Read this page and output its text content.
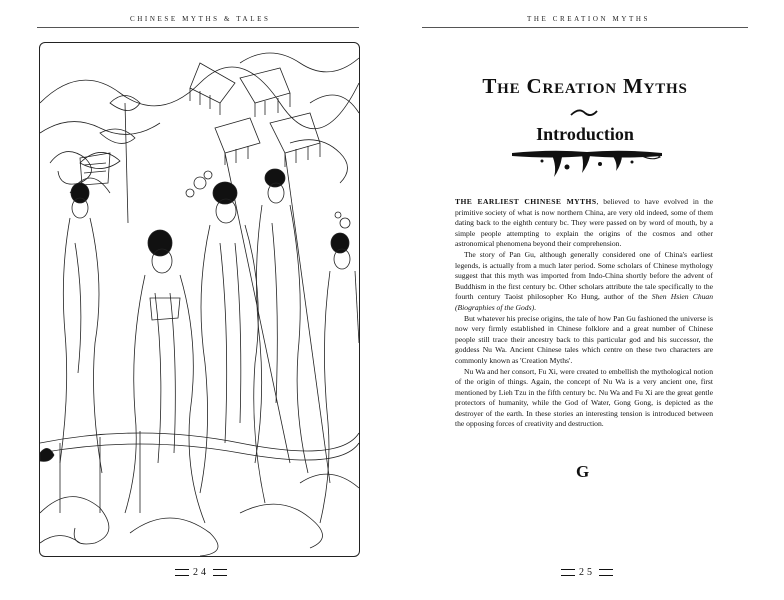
CHINESE MYTHS & TALES
24
THE CREATION MYTHS
The Creation Myths
Introduction

THE EARLIEST CHINESE MYTHS, believed to have evolved in the primitive society of what is now northern China, are very old indeed, some of them dating back to the eighth century bc. They were passed on by word of mouth, by a simple people attempting to explain the origins of the cosmos and other astronomical phenomena beyond their comprehension.

The story of Pan Gu, although generally considered one of China's earliest legends, is actually from a much later period. Some scholars of Chinese mythology suggest that this myth was imported from Indo-China shortly before the advent of Buddhism in the first century bc. Other scholars attribute the tale specifically to the fourth century Taoist philosopher Ko Hung, author of the Shen Hsien Chuan (Biographies of the Gods).

But whatever his precise origins, the tale of how Pan Gu fashioned the universe is now very firmly established in Chinese folklore and a great number of Chinese people still trace their ancestry back to this particular god and his successor, the goddess Nu Wa. Ancient Chinese tales which centre on these two characters are commonly known as 'Creation Myths'.

Nu Wa and her consort, Fu Xi, were created to embellish the mythological notion of the origin of things. Again, the concept of Nu Wa is a very ancient one, first mentioned by Lieh Tzu in the fifth century bc. Nu Wa and Fu Xi are the great gentle protectors of humanity, while the God of Water, Gong Gong, is depicted as the destroyer of the earth. In these stories an interesting tension is introduced between the opposing forces of creativity and destruction.

G
25
